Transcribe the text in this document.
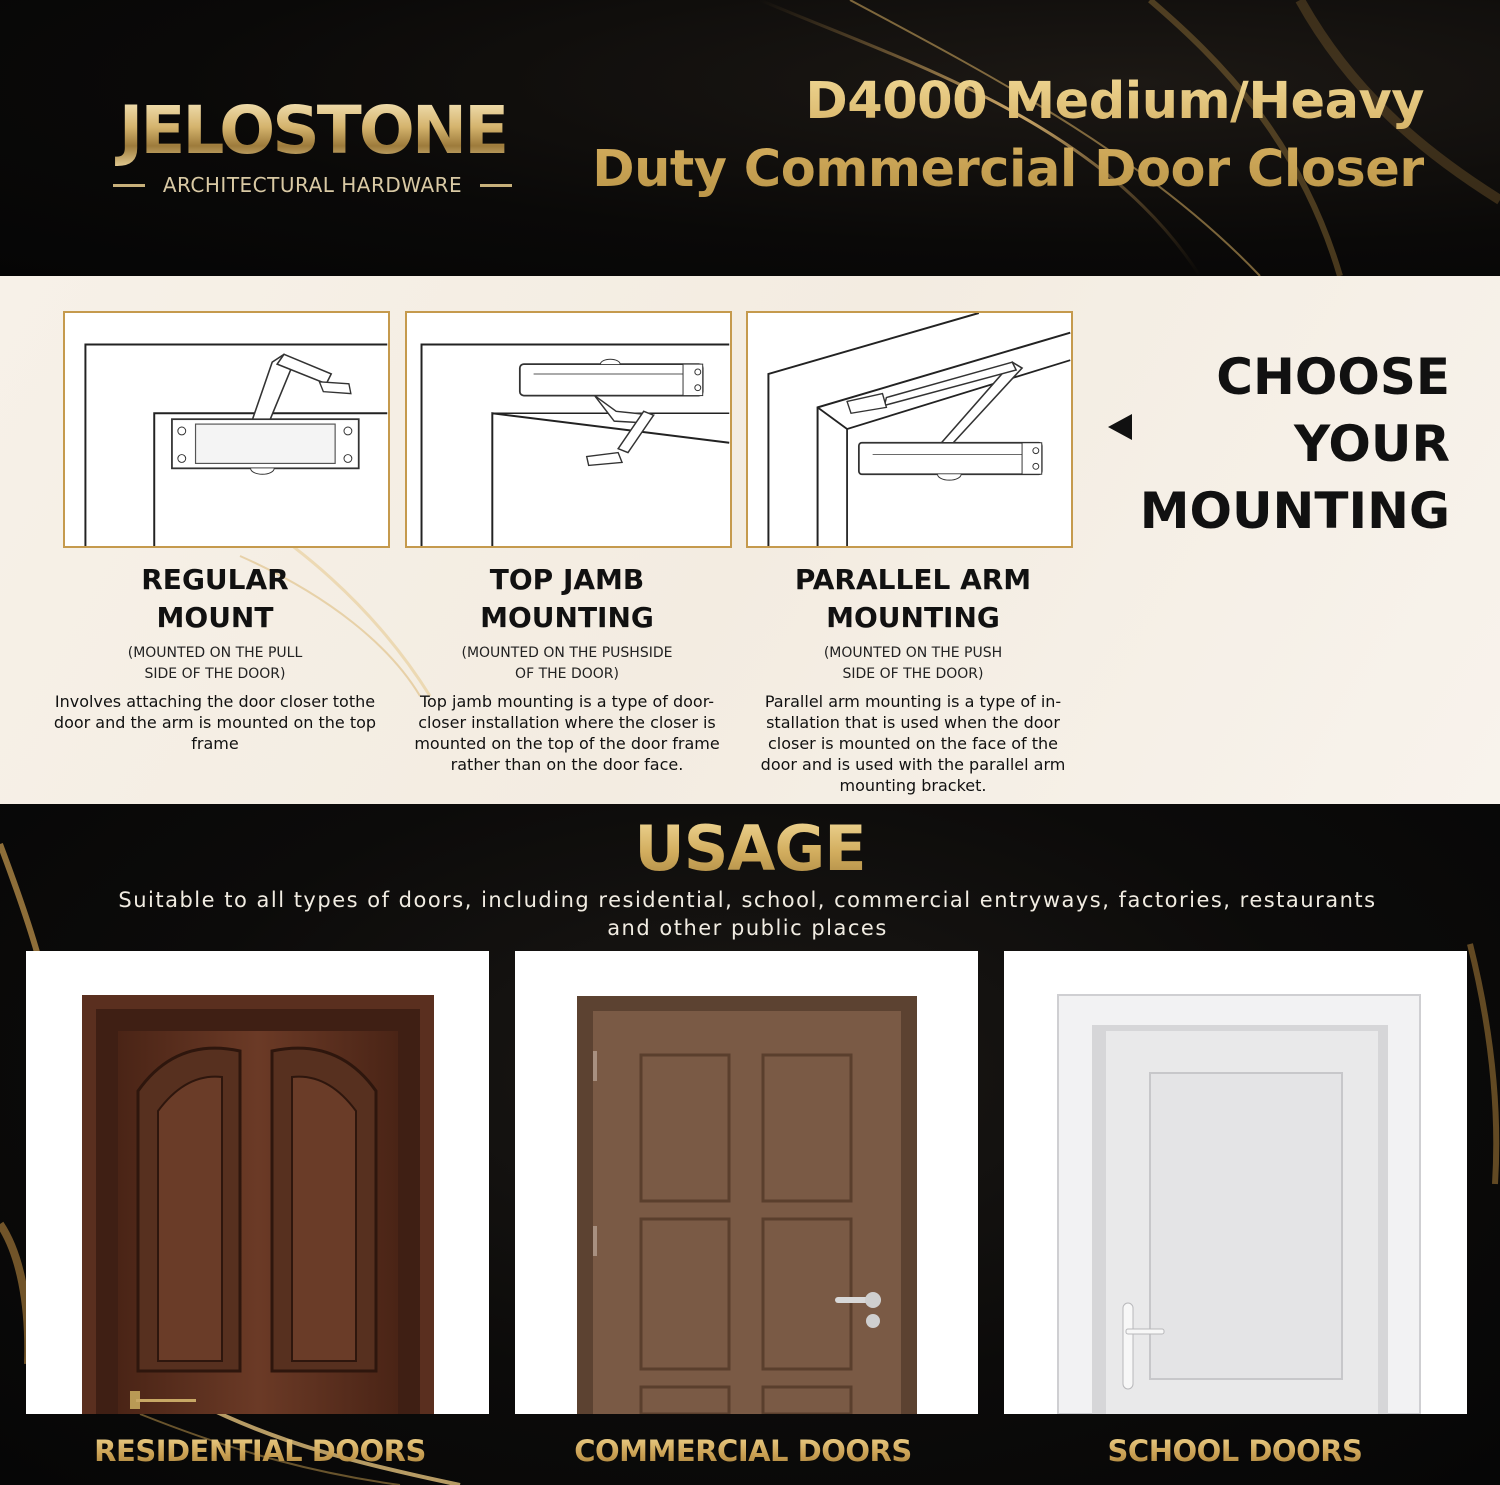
JELOSTONE
ARCHITECTURAL HARDWARE
D4000 Medium/Heavy
Duty Commercial Door Closer
REGULAR
MOUNT
(MOUNTED ON THE PULL
SIDE OF THE DOOR)
Involves attaching the door closer tothe door and the arm is mounted on the top frame
TOP JAMB
MOUNTING
(MOUNTED ON THE PUSHSIDE
OF THE DOOR)
Top jamb mounting is a type of door-closer installation where the closer is mounted on the top of the door frame rather than on the door face.
PARALLEL ARM
MOUNTING
(MOUNTED ON THE PUSH
SIDE OF THE DOOR)
Parallel arm mounting is a type of in-stallation that is used when the door closer is mounted on the face of the door and is used with the parallel arm mounting bracket.
CHOOSE
YOUR
MOUNTING
USAGE
Suitable to all types of doors, including residential, school, commercial entryways, factories, restaurants and other public places
RESIDENTIAL DOORS	COMMERCIAL DOORS	SCHOOL DOORS
